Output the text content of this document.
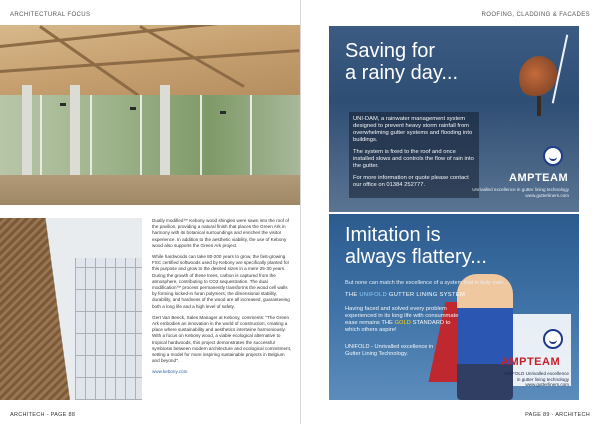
ARCHITECTURAL FOCUS

Dually modified™ Kebony wood shingles were sawn into the roof of the pavilion, providing a natural finish that places the Green Ark in harmony with its botanical surroundings and enriches the visitor experience. In addition to the aesthetic viability, the use of Kebony wood also supports the Green Ark project.

While hardwoods can take 80-200 years to grow, the fast-growing FSC certified softwoods used by Kebony are specifically planted for this purpose and grow to the desired sizes in a mere 25-30 years. During the growth of these trees, carbon is captured from the atmosphere, contributing to CO2 sequestration. The dual modification™ process permanently transforms the wood cell walls by forming locked-in furan polymers; the dimensional stability, durability, and hardness of the wood are all increased, guaranteeing both a long life and a high level of safety.

Gert Van Beeck, Sales Manager at Kebony, comments: "The Green Ark embodies an innovation in the world of construction, creating a place where sustainability and aesthetics intertwine harmoniously. With a focus on Kebony wood, a viable ecological alternative to tropical hardwoods, this project demonstrates the successful symbiosis between modern architecture and ecological commitment, setting a model for more inspiring sustainable projects in Belgium and beyond".

www.kebony.com

ARCHITECH - PAGE 88
ROOFING, CLADDING & FACADES
Saving for
a rainy day...

UNI-DAM, a rainwater management system designed to prevent heavy storm rainfall from overwhelming gutter systems and flooding into buildings.

The system is fixed to the roof and once installed slows and controls the flow of rain into the gutter.

For more information or quote please contact our office on 01384 252777.

AMPTEAM
Unrivalled excellence in gutter lining technology
www.gutterliners.com
Imitation is
always flattery...
But none can match the excellence of a system that is truly ever...
THE UNIFOLD GUTTER LINING SYSTEM
Having faced and solved every problem experienced in its long life with consummate ease remains THE GOLD STANDARD to which others aspire!
UNIFOLD - Unrivalled excellence in Gutter Lining Technology.
AMPTEAM
UNIFOLD Unrivalled excellence
in gutter lining technology
www.gutterliners.com
PAGE 89 - ARCHITECH
